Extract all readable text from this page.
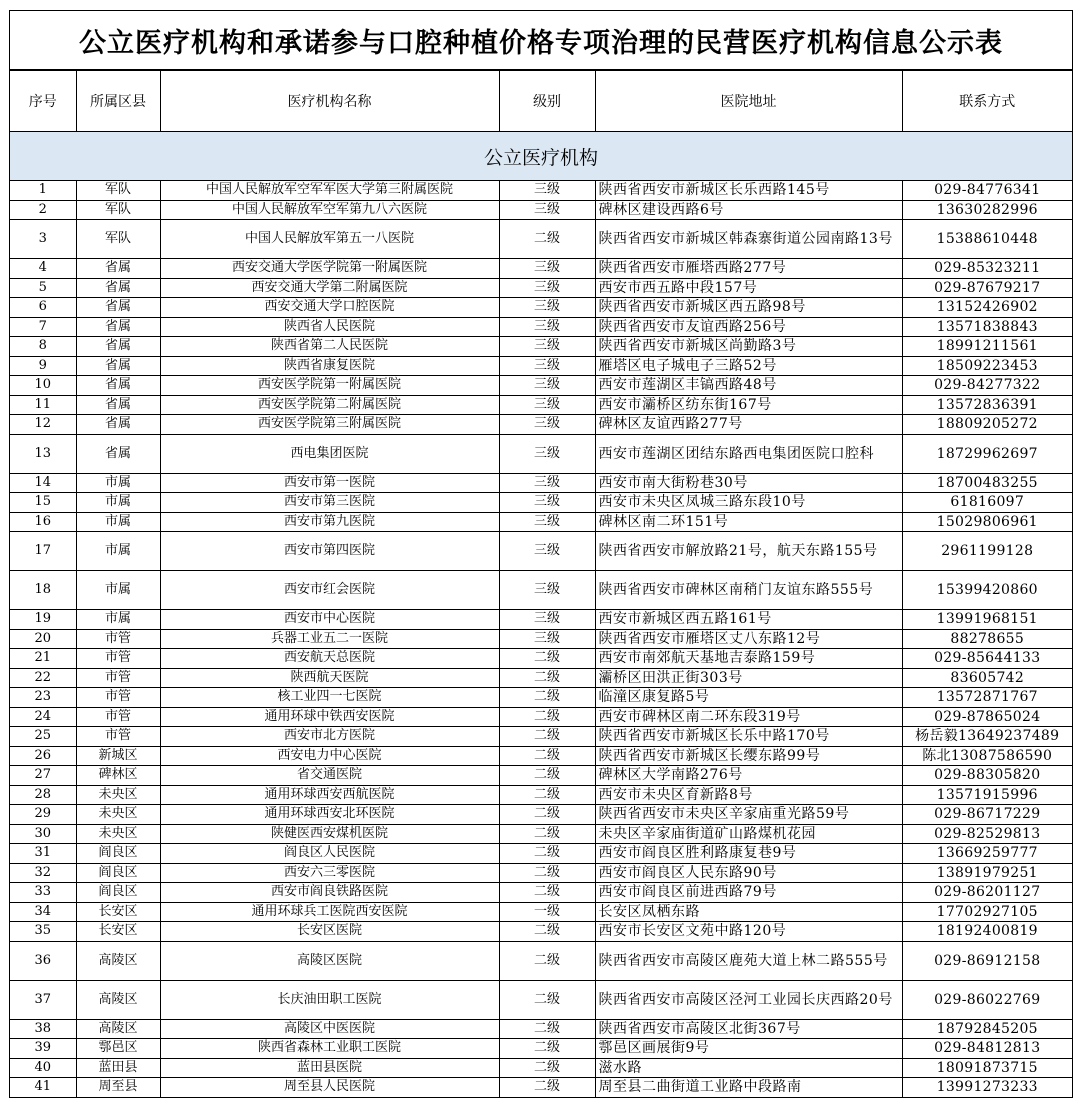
公立医疗机构和承诺参与口腔种植价格专项治理的民营医疗机构信息公示表
序号	所属区县	医疗机构名称	级别	医院地址	联系方式
公立医疗机构					
1	军队	中国人民解放军空军军医大学第三附属医院	三级	陕西省西安市新城区长乐西路145号	029-84776341
2	军队	中国人民解放军空军第九八六医院	三级	碑林区建设西路6号	13630282996
3	军队	中国人民解放军第五一八医院	二级	陕西省西安市新城区韩森寨街道公园南路13号	15388610448
4	省属	西安交通大学医学院第一附属医院	三级	陕西省西安市雁塔西路277号	029-85323211
5	省属	西安交通大学第二附属医院	三级	西安市西五路中段157号	029-87679217
6	省属	西安交通大学口腔医院	三级	陕西省西安市新城区西五路98号	13152426902
7	省属	陕西省人民医院	三级	陕西省西安市友谊西路256号	13571838843
8	省属	陕西省第二人民医院	三级	陕西省西安市新城区尚勤路3号	18991211561
9	省属	陕西省康复医院	三级	雁塔区电子城电子三路52号	18509223453
10	省属	西安医学院第一附属医院	三级	西安市莲湖区丰镐西路48号	029-84277322
11	省属	西安医学院第二附属医院	三级	西安市灞桥区纺东街167号	13572836391
12	省属	西安医学院第三附属医院	三级	碑林区友谊西路277号	18809205272
13	省属	西电集团医院	三级	西安市莲湖区团结东路西电集团医院口腔科	18729962697
14	市属	西安市第一医院	三级	西安市南大街粉巷30号	18700483255
15	市属	西安市第三医院	三级	西安市未央区凤城三路东段10号	61816097
16	市属	西安市第九医院	三级	碑林区南二环151号	15029806961
17	市属	西安市第四医院	三级	陕西省西安市解放路21号，航天东路155号	2961199128
18	市属	西安市红会医院	三级	陕西省西安市碑林区南稍门友谊东路555号	15399420860
19	市属	西安市中心医院	三级	西安市新城区西五路161号	13991968151
20	市管	兵器工业五二一医院	三级	陕西省西安市雁塔区丈八东路12号	88278655
21	市管	西安航天总医院	二级	西安市南郊航天基地吉泰路159号	029-85644133
22	市管	陕西航天医院	二级	灞桥区田洪正街303号	83605742
23	市管	核工业四一七医院	二级	临潼区康复路5号	13572871767
24	市管	通用环球中铁西安医院	二级	西安市碑林区南二环东段319号	029-87865024
25	市管	西安市北方医院	二级	陕西省西安市新城区长乐中路170号	杨岳毅13649237489
26	新城区	西安电力中心医院	二级	陕西省西安市新城区长缨东路99号	陈北13087586590
27	碑林区	省交通医院	二级	碑林区大学南路276号	029-88305820
28	未央区	通用环球西安西航医院	二级	西安市未央区育新路8号	13571915996
29	未央区	通用环球西安北环医院	二级	陕西省西安市未央区辛家庙重光路59号	029-86717229
30	未央区	陕健医西安煤机医院	二级	未央区辛家庙街道矿山路煤机花园	029-82529813
31	阎良区	阎良区人民医院	二级	西安市阎良区胜利路康复巷9号	13669259777
32	阎良区	西安六三零医院	二级	西安市阎良区人民东路90号	13891979251
33	阎良区	西安市阎良铁路医院	二级	西安市阎良区前进西路79号	029-86201127
34	长安区	通用环球兵工医院西安医院	一级	长安区凤栖东路	17702927105
35	长安区	长安区医院	二级	西安市长安区文苑中路120号	18192400819
36	高陵区	高陵区医院	二级	陕西省西安市高陵区鹿苑大道上林二路555号	029-86912158
37	高陵区	长庆油田职工医院	二级	陕西省西安市高陵区泾河工业园长庆西路20号	029-86022769
38	高陵区	高陵区中医医院	二级	陕西省西安市高陵区北街367号	18792845205
39	鄠邑区	陕西省森林工业职工医院	二级	鄠邑区画展街9号	029-84812813
40	蓝田县	蓝田县医院	二级	滋水路	18091873715
41	周至县	周至县人民医院	二级	周至县二曲街道工业路中段路南	13991273233
